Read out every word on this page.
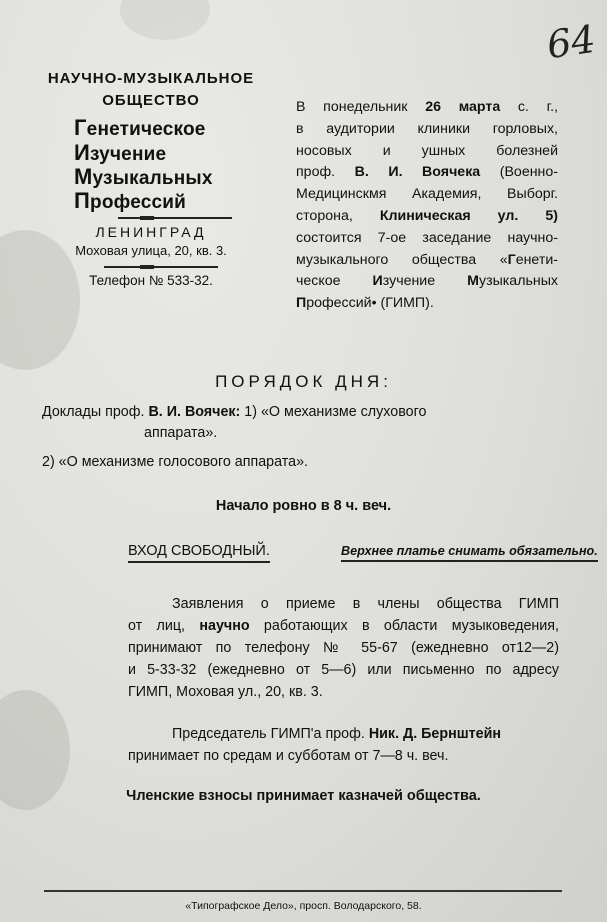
64
НАУЧНО-МУЗЫКАЛЬНОЕ
ОБЩЕСТВО
Генетическое
Изучение
Музыкальных
Профессий
ЛЕНИНГРАД
Моховая улица, 20, кв. 3.
Телефон № 533-32.
В понедельник 26 марта с. г.,
в аудитории клиники горловых,
носовых и ушных болезней
проф. В. И. Воячека (Военно-
Медицинскмя Академия, Выборг.
сторона, Клиническая ул. 5)
состоится 7-ое заседание научно-
музыкального общества «Генети-
ческое Изучение Музыкальных
Профессий• (ГИМП).
ПОРЯДОК ДНЯ:
Доклады проф. В. И. Воячек: 1) «О механизме слухового
аппарата».
2) «О механизме голосового аппарата».
Начало ровно в 8 ч. веч.
ВХОД СВОБОДНЫЙ.	Верхнее платье снимать обязательно.
Заявления о приеме в члены общества ГИМП
от лиц, научно работающих в области музыковедения,
принимают по телефону № 55-67 (ежедневно от12—2)
и 5-33-32 (ежедневно от 5—6) или письменно по адресу
ГИМП, Моховая ул., 20, кв. 3.
Председатель ГИМП'а проф. Ник. Д. Бернштейн
принимает по средам и субботам от 7—8 ч. веч.
Членские взносы принимает казначей общества.
«Типографское Дело», просп. Володарского, 58.
